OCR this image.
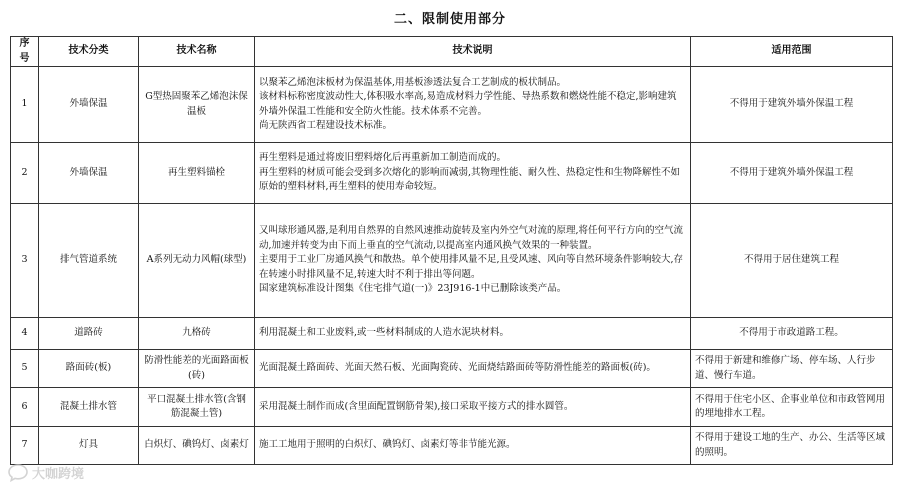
二、限制使用部分
序号	技术分类	技术名称	技术说明	适用范围
1	外墙保温	G型热固聚苯乙烯泡沫保温板	以聚苯乙烯泡沫板材为保温基体,用基板渗透法复合工艺制成的板状制品。
该材料标称密度波动性大,体积吸水率高,易造成材料力学性能、导热系数和燃烧性能不稳定,影响建筑外墙外保温工性能和安全防火性能。技术体系不完善。
尚无陕西省工程建设技术标准。	不得用于建筑外墙外保温工程
2	外墙保温	再生塑料锚栓	再生塑料是通过将废旧塑料熔化后再重新加工制造而成的。
再生塑料的材质可能会受到多次熔化的影响而减弱,其物理性能、耐久性、热稳定性和生物降解性不如原始的塑料材料,再生塑料的使用寿命较短。	不得用于建筑外墙外保温工程
3	排气管道系统	A系列无动力风帽(球型)	又叫球形通风器,是利用自然界的自然风速推动旋转及室内外空气对流的原理,将任何平行方向的空气流动,加速并转变为由下而上垂直的空气流动,以提高室内通风换气效果的一种装置。
主要用于工业厂房通风换气和散热。单个使用排风量不足,且受风速、风向等自然环境条件影响较大,存在转速小时排风量不足,转速大时不利于排出等问题。
国家建筑标准设计图集《住宅排气道(一)》23J916-1中已删除该类产品。	不得用于居住建筑工程
4	道路砖	九格砖	利用混凝土和工业废料,或一些材料制成的人造水泥块材料。	不得用于市政道路工程。
5	路面砖(板)	防滑性能差的光面路面板(砖)	光面混凝土路面砖、光面天然石板、光面陶瓷砖、光面烧结路面砖等防滑性能差的路面板(砖)。	不得用于新建和维修广场、停车场、人行步道、慢行车道。
6	混凝土排水管	平口混凝土排水管(含钢筋混凝土管)	采用混凝土制作而成(含里面配置钢筋骨架),接口采取平接方式的排水圆管。	不得用于住宅小区、企事业单位和市政管网用的埋地排水工程。
7	灯具	白炽灯、碘钨灯、卤素灯	施工工地用于照明的白炽灯、碘钨灯、卤素灯等非节能光源。	不得用于建设工地的生产、办公、生活等区域的照明。
大咖跨境
